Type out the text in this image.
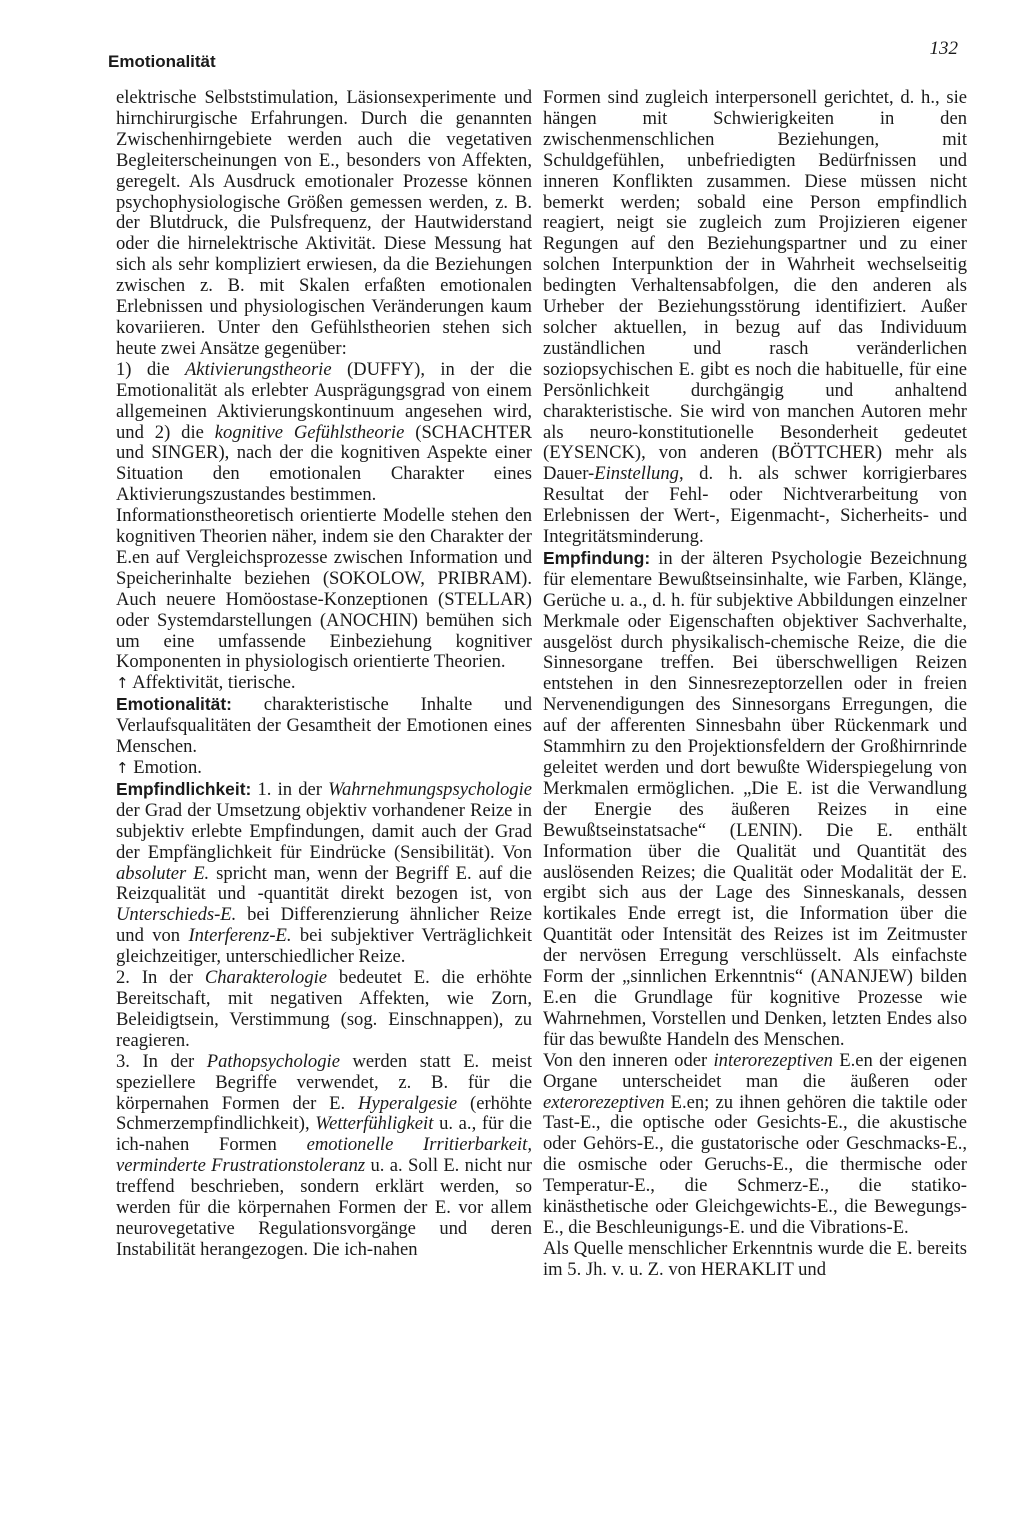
Emotionalität
132

elektrische Selbststimulation, Läsionsexperimente und hirnchirurgische Erfahrungen. Durch die genannten Zwischenhirngebiete werden auch die vegetativen Begleiterscheinungen von E., besonders von Affekten, geregelt. Als Ausdruck emotionaler Prozesse können psychophysiologische Größen gemessen werden, z. B. der Blutdruck, die Pulsfrequenz, der Hautwiderstand oder die hirnelektrische Aktivität. Diese Messung hat sich als sehr kompliziert erwiesen, da die Beziehungen zwischen z. B. mit Skalen erfaßten emotionalen Erlebnissen und physiologischen Veränderungen kaum kovariieren. Unter den Gefühlstheorien stehen sich heute zwei Ansätze gegenüber:

1) die Aktivierungstheorie (DUFFY), in der die Emotionalität als erlebter Ausprägungsgrad von einem allgemeinen Aktivierungskontinuum angesehen wird, und 2) die kognitive Gefühlstheorie (SCHACHTER und SINGER), nach der die kognitiven Aspekte einer Situation den emotionalen Charakter eines Aktivierungszustandes bestimmen.

Informationstheoretisch orientierte Modelle stehen den kognitiven Theorien näher, indem sie den Charakter der E.en auf Vergleichsprozesse zwischen Information und Speicherinhalte beziehen (SOKOLOW, PRIBRAM). Auch neuere Homöostase-Konzeptionen (STELLAR) oder Systemdarstellungen (ANOCHIN) bemühen sich um eine umfassende Einbeziehung kognitiver Komponenten in physiologisch orientierte Theorien.

↑ Affektivität, tierische.

Emotionalität: charakteristische Inhalte und Verlaufsqualitäten der Gesamtheit der Emotionen eines Menschen.

↑ Emotion.

Empfindlichkeit: 1. in der Wahrnehmungspsychologie der Grad der Umsetzung objektiv vorhandener Reize in subjektiv erlebte Empfindungen, damit auch der Grad der Empfänglichkeit für Eindrücke (Sensibilität). Von absoluter E. spricht man, wenn der Begriff E. auf die Reizqualität und -quantität direkt bezogen ist, von Unterschieds-E. bei Differenzierung ähnlicher Reize und von Interferenz-E. bei subjektiver Verträglichkeit gleichzeitiger, unterschiedlicher Reize.

2. In der Charakterologie bedeutet E. die erhöhte Bereitschaft, mit negativen Affekten, wie Zorn, Beleidigtsein, Verstimmung (sog. Einschnappen), zu reagieren.

3. In der Pathopsychologie werden statt E. meist speziellere Begriffe verwendet, z. B. für die körpernahen Formen der E. Hyperalgesie (erhöhte Schmerzempfindlichkeit), Wetterfühligkeit u. a., für die ich-nahen Formen emotionelle Irritierbarkeit, verminderte Frustrationstoleranz u. a. Soll E. nicht nur treffend beschrieben, sondern erklärt werden, so werden für die körpernahen Formen der E. vor allem neurovegetative Regulationsvorgänge und deren Instabilität herangezogen. Die ich-nahen

Formen sind zugleich interpersonell gerichtet, d. h., sie hängen mit Schwierigkeiten in den zwischenmenschlichen Beziehungen, mit Schuldgefühlen, unbefriedigten Bedürfnissen und inneren Konflikten zusammen. Diese müssen nicht bemerkt werden; sobald eine Person empfindlich reagiert, neigt sie zugleich zum Projizieren eigener Regungen auf den Beziehungspartner und zu einer solchen Interpunktion der in Wahrheit wechselseitig bedingten Verhaltensabfolgen, die den anderen als Urheber der Beziehungsstörung identifiziert. Außer solcher aktuellen, in bezug auf das Individuum zuständlichen und rasch veränderlichen soziopsychischen E. gibt es noch die habituelle, für eine Persönlichkeit durchgängig und anhaltend charakteristische. Sie wird von manchen Autoren mehr als neuro-konstitutionelle Besonderheit gedeutet (EYSENCK), von anderen (BÖTTCHER) mehr als Dauer-Einstellung, d. h. als schwer korrigierbares Resultat der Fehl- oder Nichtverarbeitung von Erlebnissen der Wert-, Eigenmacht-, Sicherheits- und Integritätsminderung.

Empfindung: in der älteren Psychologie Bezeichnung für elementare Bewußtseinsinhalte, wie Farben, Klänge, Gerüche u. a., d. h. für subjektive Abbildungen einzelner Merkmale oder Eigenschaften objektiver Sachverhalte, ausgelöst durch physikalisch-chemische Reize, die die Sinnesorgane treffen. Bei überschwelligen Reizen entstehen in den Sinnesrezeptorzellen oder in freien Nervenendigungen des Sinnesorgans Erregungen, die auf der afferenten Sinnesbahn über Rückenmark und Stammhirn zu den Projektionsfeldern der Großhirnrinde geleitet werden und dort bewußte Widerspiegelung von Merkmalen ermöglichen. „Die E. ist die Verwandlung der Energie des äußeren Reizes in eine Bewußtseinstatsache“ (LENIN). Die E. enthält Information über die Qualität und Quantität des auslösenden Reizes; die Qualität oder Modalität der E. ergibt sich aus der Lage des Sinneskanals, dessen kortikales Ende erregt ist, die Information über die Quantität oder Intensität des Reizes ist im Zeitmuster der nervösen Erregung verschlüsselt. Als einfachste Form der „sinnlichen Erkenntnis“ (ANANJEW) bilden E.en die Grundlage für kognitive Prozesse wie Wahrnehmen, Vorstellen und Denken, letzten Endes also für das bewußte Handeln des Menschen.

Von den inneren oder interorezeptiven E.en der eigenen Organe unterscheidet man die äußeren oder exterorezeptiven E.en; zu ihnen gehören die taktile oder Tast-E., die optische oder Gesichts-E., die akustische oder Gehörs-E., die gustatorische oder Geschmacks-E., die osmische oder Geruchs-E., die thermische oder Temperatur-E., die Schmerz-E., die statiko-kinästhetische oder Gleichgewichts-E., die Bewegungs-E., die Beschleunigungs-E. und die Vibrations-E.

Als Quelle menschlicher Erkenntnis wurde die E. bereits im 5. Jh. v. u. Z. von HERAKLIT und
